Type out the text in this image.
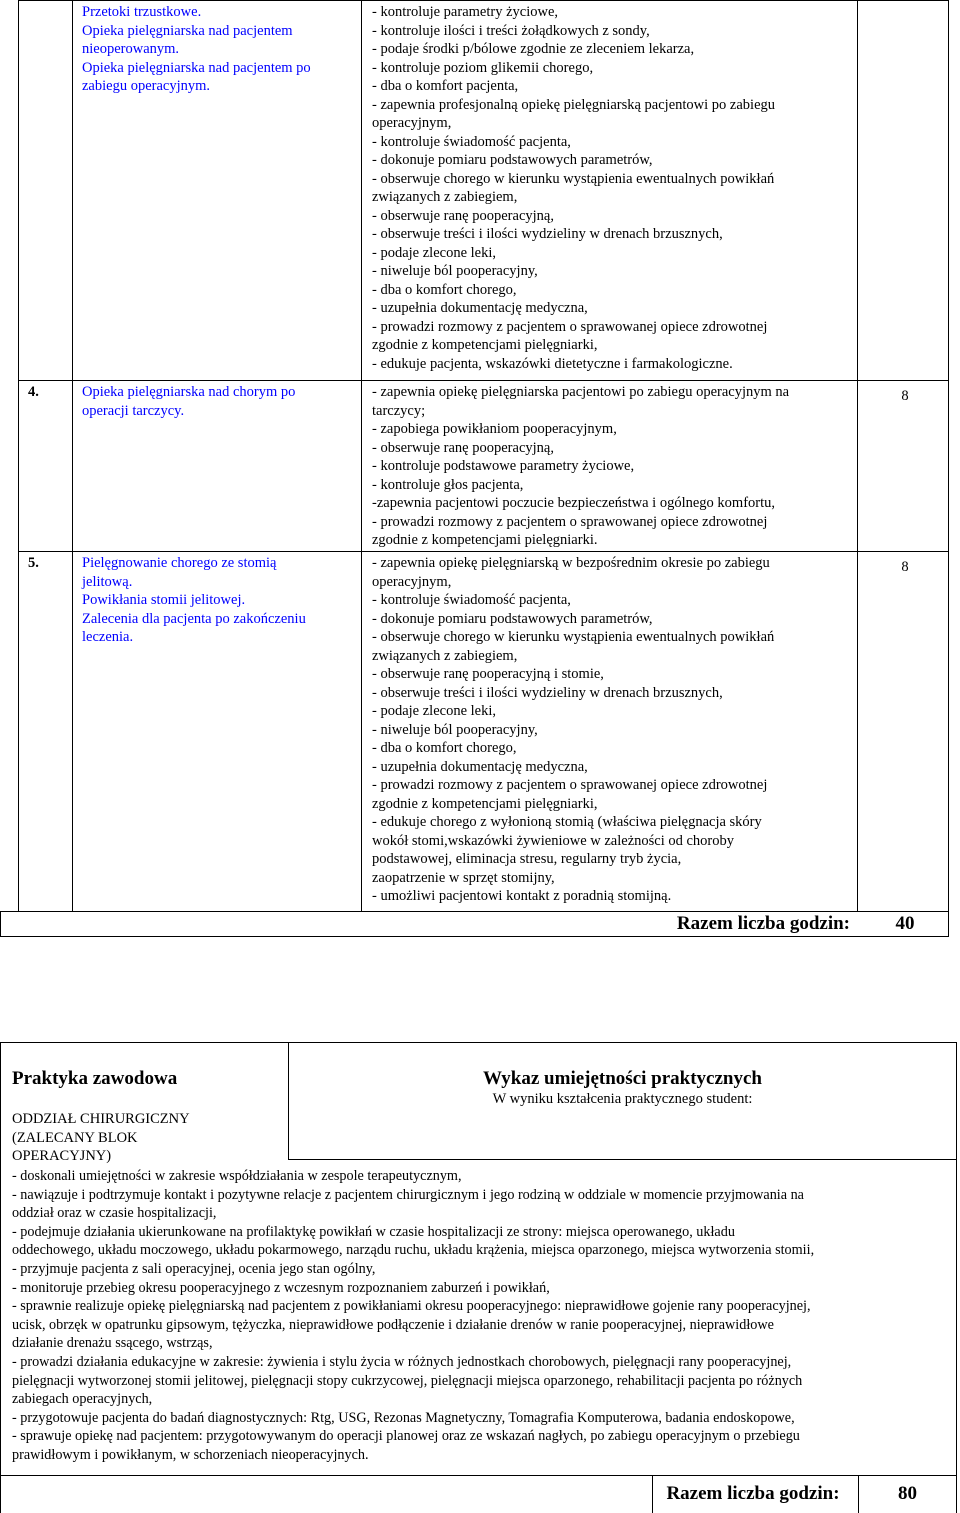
Przetoki trzustkowe.
Opieka pielęgniarska nad pacjentem
nieoperowanym.
Opieka pielęgniarska nad pacjentem po
zabiegu operacyjnym.
- kontroluje parametry życiowe,
- kontroluje ilości i treści żołądkowych z sondy,
- podaje środki p/bólowe zgodnie ze zleceniem lekarza,
- kontroluje poziom glikemii chorego,
- dba o komfort pacjenta,
- zapewnia profesjonalną opiekę pielęgniarską pacjentowi po zabiegu
operacyjnym,
- kontroluje świadomość pacjenta,
- dokonuje pomiaru podstawowych parametrów,
- obserwuje chorego w kierunku wystąpienia ewentualnych powikłań
związanych z zabiegiem,
- obserwuje ranę pooperacyjną,
- obserwuje treści i ilości wydzieliny w drenach brzusznych,
- podaje zlecone leki,
- niweluje ból pooperacyjny,
- dba o komfort chorego,
- uzupełnia dokumentację medyczna,
- prowadzi rozmowy z pacjentem o sprawowanej opiece zdrowotnej
zgodnie z kompetencjami pielęgniarki,
- edukuje pacjenta, wskazówki dietetyczne i farmakologiczne.
4.	Opieka pielęgniarska nad chorym po
operacji tarczycy.
- zapewnia opiekę pielęgniarska pacjentowi po zabiegu operacyjnym na
tarczycy;
- zapobiega powikłaniom pooperacyjnym,
- obserwuje ranę pooperacyjną,
- kontroluje podstawowe parametry życiowe,
- kontroluje głos pacjenta,
-zapewnia pacjentowi poczucie bezpieczeństwa i ogólnego komfortu,
- prowadzi rozmowy z pacjentem o sprawowanej opiece zdrowotnej
zgodnie z kompetencjami pielęgniarki.
8
5.	Pielęgnowanie chorego ze stomią
jelitową.
Powikłania stomii jelitowej.
Zalecenia dla pacjenta po zakończeniu
leczenia.
- zapewnia opiekę pielęgniarską w bezpośrednim okresie po zabiegu
operacyjnym,
- kontroluje świadomość pacjenta,
- dokonuje pomiaru podstawowych parametrów,
- obserwuje chorego w kierunku wystąpienia ewentualnych powikłań
związanych z zabiegiem,
- obserwuje ranę pooperacyjną i stomie,
- obserwuje treści i ilości wydzieliny w drenach brzusznych,
- podaje zlecone leki,
- niweluje ból pooperacyjny,
- dba o komfort chorego,
- uzupełnia dokumentację medyczna,
- prowadzi rozmowy z pacjentem o sprawowanej opiece zdrowotnej
zgodnie z kompetencjami pielęgniarki,
- edukuje chorego z wyłonioną stomią (właściwa pielęgnacja skóry
wokół stomi,wskazówki żywieniowe w zależności od choroby
podstawowej, eliminacja stresu, regularny tryb życia,
zaopatrzenie w sprzęt stomijny,
- umożliwi pacjentowi kontakt z poradnią stomijną.
8
Razem liczba godzin:	40
Praktyka zawodowa
ODDZIAŁ CHIRURGICZNY
(ZALECANY BLOK
OPERACYJNY)
Wykaz umiejętności praktycznych
W wyniku kształcenia praktycznego student:
- doskonali umiejętności w zakresie współdziałania w zespole terapeutycznym,
- nawiązuje i podtrzymuje kontakt i pozytywne relacje z pacjentem chirurgicznym i jego rodziną w oddziale w momencie przyjmowania na
oddział oraz w czasie hospitalizacji,
- podejmuje działania ukierunkowane na profilaktykę powikłań w czasie hospitalizacji ze strony: miejsca operowanego, układu
oddechowego, układu moczowego, układu pokarmowego, narządu ruchu, układu krążenia, miejsca oparzonego, miejsca wytworzenia stomii,
- przyjmuje pacjenta z sali operacyjnej, ocenia jego stan ogólny,
- monitoruje przebieg okresu pooperacyjnego z wczesnym rozpoznaniem zaburzeń i powikłań,
- sprawnie realizuje opiekę pielęgniarską nad pacjentem z powikłaniami okresu pooperacyjnego: nieprawidłowe gojenie rany pooperacyjnej,
ucisk, obrzęk w opatrunku gipsowym, tężyczka, nieprawidłowe podłączenie i działanie drenów w ranie pooperacyjnej, nieprawidłowe
działanie drenażu ssącego, wstrząs,
- prowadzi działania edukacyjne w zakresie: żywienia i stylu życia w różnych jednostkach chorobowych, pielęgnacji rany pooperacyjnej,
pielęgnacji wytworzonej stomii jelitowej, pielęgnacji stopy cukrzycowej, pielęgnacji miejsca oparzonego, rehabilitacji pacjenta po różnych
zabiegach operacyjnych,
- przygotowuje pacjenta do badań diagnostycznych: Rtg, USG, Rezonas Magnetyczny, Tomagrafia Komputerowa, badania endoskopowe,
- sprawuje opiekę nad pacjentem: przygotowywanym do operacji planowej oraz ze wskazań nagłych, po zabiegu operacyjnym o przebiegu
prawidłowym i powikłanym, w schorzeniach nieoperacyjnych.
Razem liczba godzin:	80
